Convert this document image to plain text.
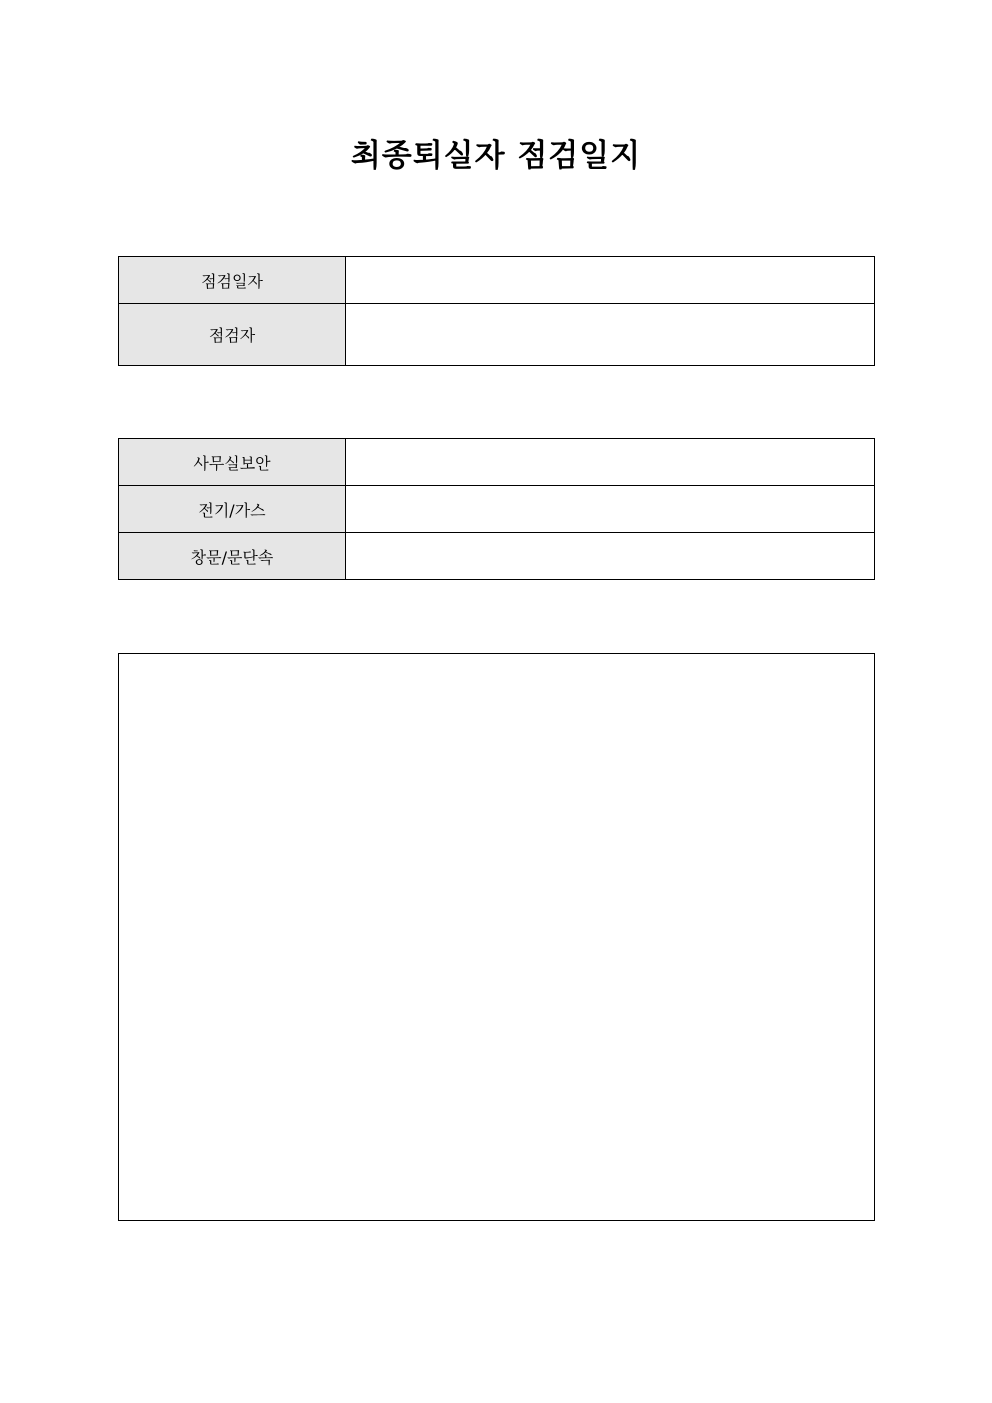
최종퇴실자 점검일지
점검일자	
점검자	
사무실보안	
전기/가스	
창문/문단속	
